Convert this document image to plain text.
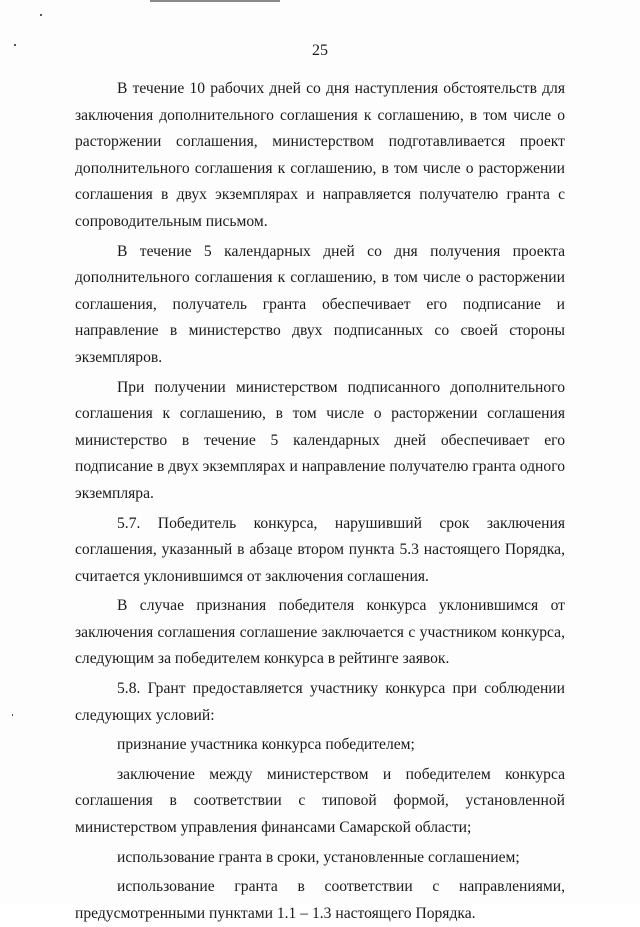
25

В течение 10 рабочих дней со дня наступления обстоятельств для заключения дополнительного соглашения к соглашению, в том числе о расторжении соглашения, министерством подготавливается проект дополнительного соглашения к соглашению, в том числе о расторжении соглашения в двух экземплярах и направляется получателю гранта с сопроводительным письмом.

В течение 5 календарных дней со дня получения проекта дополнительного соглашения к соглашению, в том числе о расторжении соглашения, получатель гранта обеспечивает его подписание и направление в министерство двух подписанных со своей стороны экземпляров.

При получении министерством подписанного дополнительного соглашения к соглашению, в том числе о расторжении соглашения министерство в течение 5 календарных дней обеспечивает его подписание в двух экземплярах и направление получателю гранта одного экземпляра.

5.7. Победитель конкурса, нарушивший срок заключения соглашения, указанный в абзаце втором пункта 5.3 настоящего Порядка, считается уклонившимся от заключения соглашения.

В случае признания победителя конкурса уклонившимся от заключения соглашения соглашение заключается с участником конкурса, следующим за победителем конкурса в рейтинге заявок.

5.8. Грант предоставляется участнику конкурса при соблюдении следующих условий:

признание участника конкурса победителем;

заключение между министерством и победителем конкурса соглашения в соответствии с типовой формой, установленной министерством управления финансами Самарской области;

использование гранта в сроки, установленные соглашением;

использование гранта в соответствии с направлениями, предусмотренными пунктами 1.1 – 1.3 настоящего Порядка.
